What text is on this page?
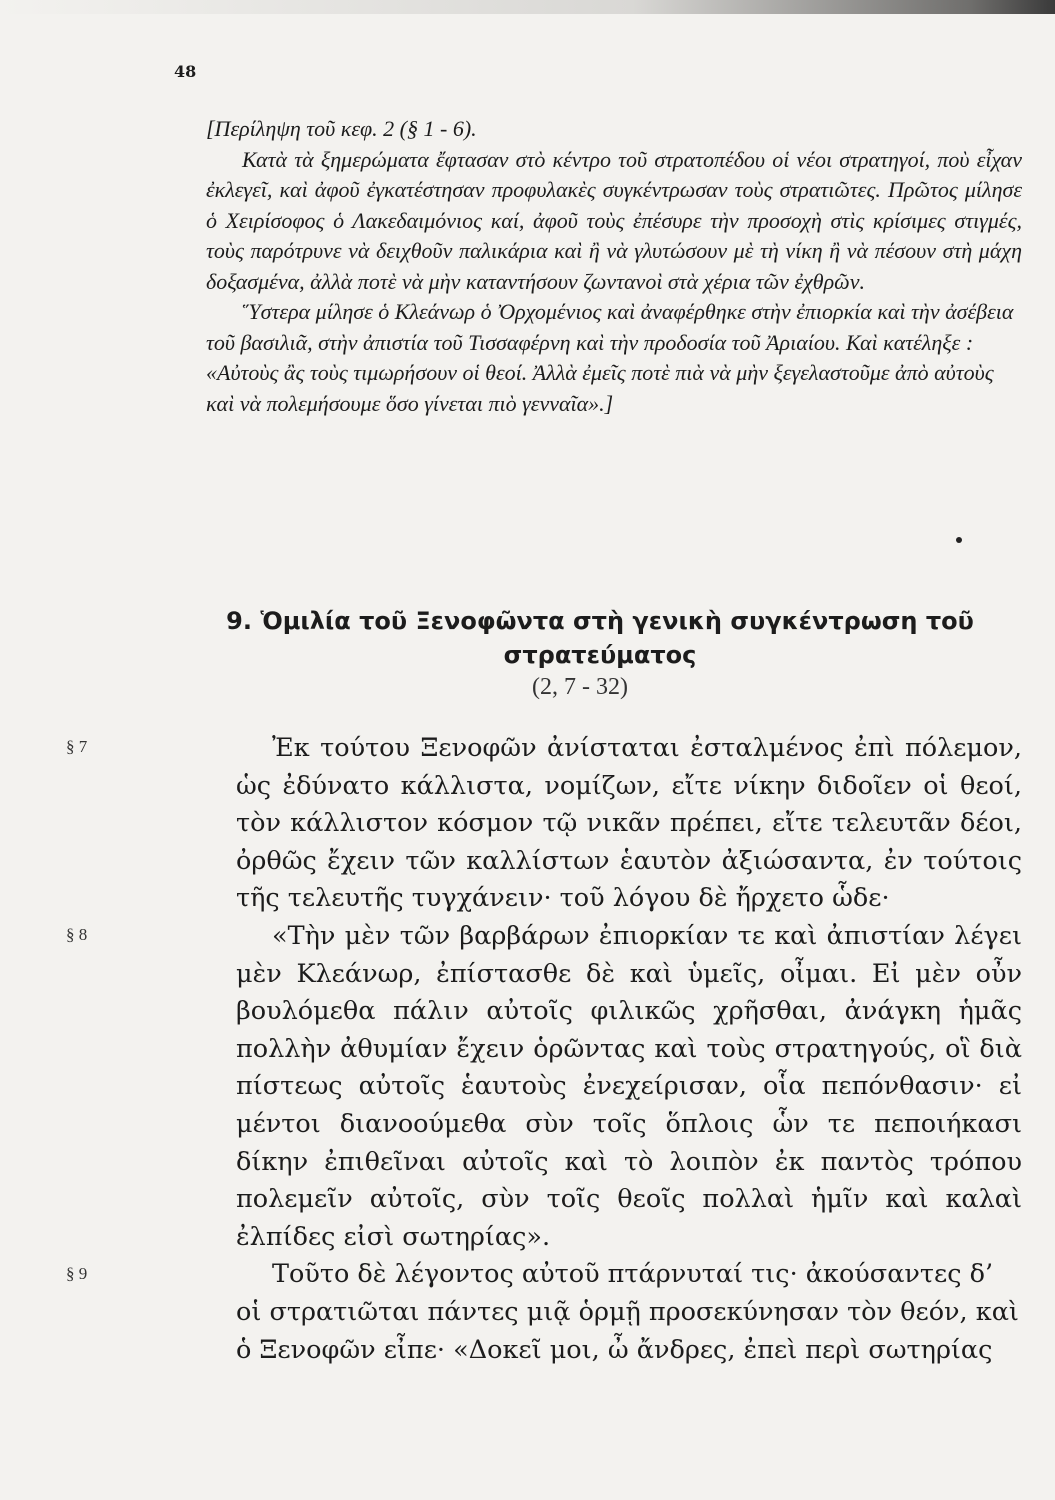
48

[Περίληψη τοῦ κεφ. 2 (§ 1 - 6).

Κατὰ τὰ ξημερώματα ἔφτασαν στὸ κέντρο τοῦ στρατοπέδου οἱ νέοι στρατηγοί, ποὺ εἶχαν ἐκλεγεῖ, καὶ ἀφοῦ ἐγκατέστησαν προφυλακὲς συγκέντρωσαν τοὺς στρατιῶτες. Πρῶτος μίλησε ὁ Χειρίσοφος ὁ Λακεδαιμόνιος καί, ἀφοῦ τοὺς ἐπέσυρε τὴν προσοχὴ στὶς κρίσιμες στιγμές, τοὺς παρότρυνε νὰ δειχθοῦν παλικάρια καὶ ἢ νὰ γλυτώσουν μὲ τὴ νίκη ἢ νὰ πέσουν στὴ μάχη δοξασμένα, ἀλλὰ ποτὲ νὰ μὴν καταντήσουν ζωντανοὶ στὰ χέρια τῶν ἐχθρῶν.

Ὕστερα μίλησε ὁ Κλεάνωρ ὁ Ὀρχομένιος καὶ ἀναφέρθηκε στὴν ἐπιορκία καὶ τὴν ἀσέβεια τοῦ βασιλιᾶ, στὴν ἀπιστία τοῦ Τισσαφέρνη καὶ τὴν προδοσία τοῦ Ἀριαίου. Καὶ κατέληξε : «Αὐτοὺς ἂς τοὺς τιμωρήσουν οἱ θεοί. Ἀλλὰ ἐμεῖς ποτὲ πιὰ νὰ μὴν ξεγελαστοῦμε ἀπὸ αὐτοὺς καὶ νὰ πολεμήσουμε ὅσο γίνεται πιὸ γενναῖα».]

9. Ὁμιλία τοῦ Ξενοφῶντα στὴ γενικὴ συγκέντρωση τοῦ στρατεύματος
(2, 7 - 32)
§ 7
§ 8
§ 9

Ἐκ τούτου Ξενοφῶν ἀνίσταται ἐσταλμένος ἐπὶ πόλεμον, ὡς ἐδύνατο κάλλιστα, νομίζων, εἴτε νίκην διδοῖεν οἱ θεοί, τὸν κάλλιστον κόσμον τῷ νικᾶν πρέπει, εἴτε τελευτᾶν δέοι, ὀρθῶς ἔχειν τῶν καλλίστων ἑαυτὸν ἀξιώσαντα, ἐν τούτοις τῆς τελευτῆς τυγχάνειν· τοῦ λόγου δὲ ἤρχετο ὧδε·

«Τὴν μὲν τῶν βαρβάρων ἐπιορκίαν τε καὶ ἀπιστίαν λέγει μὲν Κλεάνωρ, ἐπίστασθε δὲ καὶ ὑμεῖς, οἶμαι. Εἰ μὲν οὖν βουλόμεθα πάλιν αὐτοῖς φιλικῶς χρῆσθαι, ἀνάγκη ἡμᾶς πολλὴν ἀθυμίαν ἔχειν ὁρῶντας καὶ τοὺς στρατηγούς, οἳ διὰ πίστεως αὐτοῖς ἑαυτοὺς ἐνεχείρισαν, οἷα πεπόνθασιν· εἰ μέντοι διανοούμεθα σὺν τοῖς ὅπλοις ὧν τε πεποιήκασι δίκην ἐπιθεῖναι αὐτοῖς καὶ τὸ λοιπὸν ἐκ παντὸς τρόπου πολεμεῖν αὐτοῖς, σὺν τοῖς θεοῖς πολλαὶ ἡμῖν καὶ καλαὶ ἐλπίδες εἰσὶ σωτηρίας».

Τοῦτο δὲ λέγοντος αὐτοῦ πτάρνυταί τις· ἀκούσαντες δ’ οἱ στρατιῶται πάντες μιᾷ ὁρμῇ προσεκύνησαν τὸν θεόν, καὶ ὁ Ξενοφῶν εἶπε· «Δοκεῖ μοι, ὦ ἄνδρες, ἐπεὶ περὶ σωτηρίας
